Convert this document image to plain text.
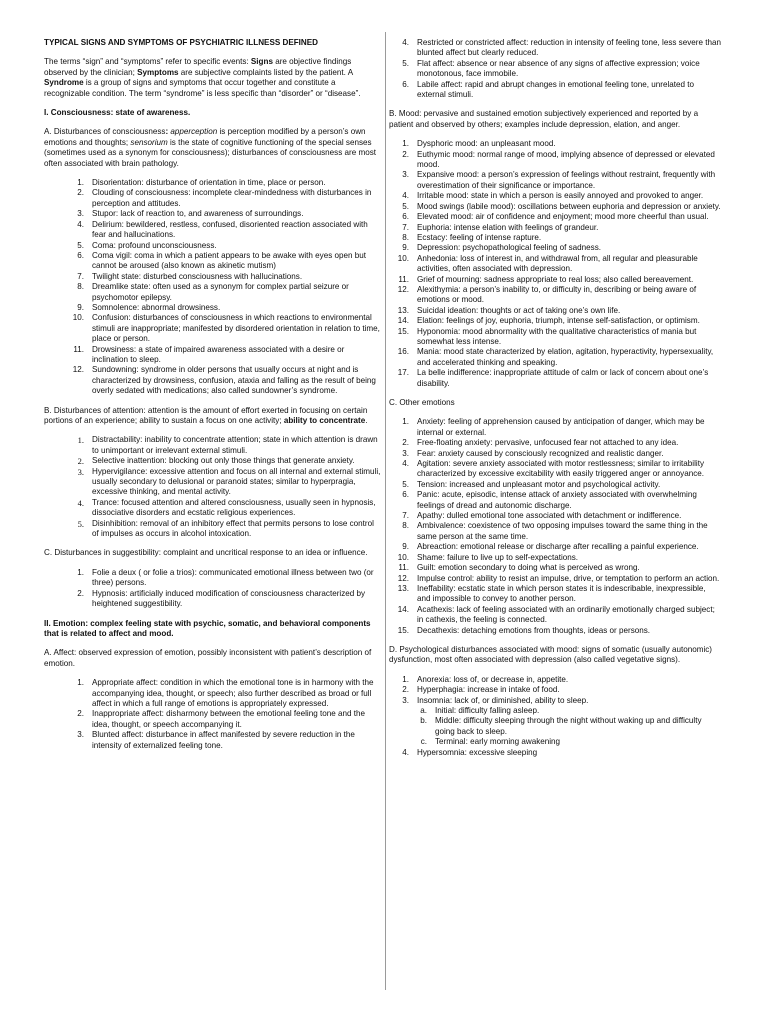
TYPICAL SIGNS AND SYMPTOMS OF PSYCHIATRIC ILLNESS DEFINED

The terms “sign” and “symptoms” refer to specific events: Signs are objective findings observed by the clinician; Symptoms are subjective complaints listed by the patient. A Syndrome is a group of signs and symptoms that occur together and constitute a recognizable condition. The term “syndrome” is less specific than “disorder” or “disease”.

I. Consciousness: state of awareness.

A. Disturbances of consciousness: apperception is perception modified by a person’s own emotions and thoughts; sensorium is the state of cognitive functioning of the special senses (sometimes used as a synonym for consciousness); disturbances of consciousness are most often associated with brain pathology.

1. Disorientation: disturbance of orientation in time, place or person.
2. Clouding of consciousness: incomplete clear-mindedness with disturbances in perception and attitudes.
3. Stupor: lack of reaction to, and awareness of surroundings.
4. Delirium: bewildered, restless, confused, disoriented reaction associated with fear and hallucinations.
5. Coma: profound unconsciousness.
6. Coma vigil: coma in which a patient appears to be awake with eyes open but cannot be aroused (also known as akinetic mutism)
7. Twilight state: disturbed consciousness with hallucinations.
8. Dreamlike state: often used as a synonym for complex partial seizure or psychomotor epilepsy.
9. Somnolence: abnormal drowsiness.
10. Confusion: disturbances of consciousness in which reactions to environmental stimuli are inappropriate; manifested by disordered orientation in relation to time, place or person.
11. Drowsiness: a state of impaired awareness associated with a desire or inclination to sleep.
12. Sundowning: syndrome in older persons that usually occurs at night and is characterized by drowsiness, confusion, ataxia and falling as the result of being overly sedated with medications; also called sundowner’s syndrome.

B. Disturbances of attention: attention is the amount of effort exerted in focusing on certain portions of an experience; ability to sustain a focus on one activity; ability to concentrate.

1. Distractability: inability to concentrate attention; state in which attention is drawn to unimportant or irrelevant external stimuli.
2. Selective inattention: blocking out only those things that generate anxiety.
3. Hypervigilance: excessive attention and focus on all internal and external stimuli, usually secondary to delusional or paranoid states; similar to hyperpragia, excessive thinking, and mental activity.
4. Trance: focused attention and altered consciousness, usually seen in hypnosis, dissociative disorders and ecstatic religious experiences.
5. Disinhibition: removal of an inhibitory effect that permits persons to lose control of impulses as occurs in alcohol intoxication.

C. Disturbances in suggestibility: complaint and uncritical response to an idea or influence.

1. Folie a deux ( or folie a trios): communicated emotional illness between two (or three) persons.
2. Hypnosis: artificially induced modification of consciousness characterized by heightened suggestibility.

II. Emotion: complex feeling state with psychic, somatic, and behavioral components that is related to affect and mood.

A. Affect: observed expression of emotion, possibly inconsistent with patient’s description of emotion.

1. Appropriate affect: condition in which the emotional tone is in harmony with the accompanying idea, thought, or speech; also further described as broad or full affect in which a full range of emotions is appropriately expressed.
2. Inappropriate affect: disharmony between the emotional feeling tone and the idea, thought, or speech accompanying it.
3. Blunted affect: disturbance in affect manifested by severe reduction in the intensity of externalized feeling tone.
4. Restricted or constricted affect: reduction in intensity of feeling tone, less severe than blunted affect but clearly reduced.
5. Flat affect: absence or near absence of any signs of affective expression; voice monotonous, face immobile.
6. Labile affect: rapid and abrupt changes in emotional feeling tone, unrelated to external stimuli.

B. Mood: pervasive and sustained emotion subjectively experienced and reported by a patient and observed by others; examples include depression, elation, and anger.

1. Dysphoric mood: an unpleasant mood.
2. Euthymic mood: normal range of mood, implying absence of depressed or elevated mood.
3. Expansive mood: a person’s expression of feelings without restraint, frequently with overestimation of their significance or importance.
4. Irritable mood: state in which a person is easily annoyed and provoked to anger.
5. Mood swings (labile mood): oscillations between euphoria and depression or anxiety.
6. Elevated mood: air of confidence and enjoyment; mood more cheerful than usual.
7. Euphoria: intense elation with feelings of grandeur.
8. Ecstacy: feeling of intense rapture.
9. Depression: psychopathological feeling of sadness.
10. Anhedonia: loss of interest in, and withdrawal from, all regular and pleasurable activities, often associated with depression.
11. Grief of mourning: sadness appropriate to real loss; also called bereavement.
12. Alexithymia: a person’s inability to, or difficulty in, describing or being aware of emotions or mood.
13. Suicidal ideation: thoughts or act of taking one’s own life.
14. Elation: feelings of joy, euphoria, triumph, intense self-satisfaction, or optimism.
15. Hyponomia: mood abnormality with the qualitative characteristics of mania but somewhat less intense.
16. Mania: mood state characterized by elation, agitation, hyperactivity, hypersexuality, and accelerated thinking and speaking.
17. La belle indifference: inappropriate attitude of calm or lack of concern about one’s disability.

C. Other emotions

1. Anxiety: feeling of apprehension caused by anticipation of danger, which may be internal or external.
2. Free-floating anxiety: pervasive, unfocused fear not attached to any idea.
3. Fear: anxiety caused by consciously recognized and realistic danger.
4. Agitation: severe anxiety associated with motor restlessness; similar to irritability characterized by excessive excitability with easily triggered anger or annoyance.
5. Tension: increased and unpleasant motor and psychological activity.
6. Panic: acute, episodic, intense attack of anxiety associated with overwhelming feelings of dread and autonomic discharge.
7. Apathy: dulled emotional tone associated with detachment or indifference.
8. Ambivalence: coexistence of two opposing impulses toward the same thing in the same person at the same time.
9. Abreaction: emotional release or discharge after recalling a painful experience.
10. Shame: failure to live up to self-expectations.
11. Guilt: emotion secondary to doing what is perceived as wrong.
12. Impulse control: ability to resist an impulse, drive, or temptation to perform an action.
13. Ineffability: ecstatic state in which person states it is indescribable, inexpressible, and impossible to convey to another person.
14. Acathexis: lack of feeling associated with an ordinarily emotionally charged subject; in cathexis, the feeling is connected.
15. Decathexis: detaching emotions from thoughts, ideas or persons.

D. Psychological disturbances associated with mood: signs of somatic (usually autonomic) dysfunction, most often associated with depression (also called vegetative signs).

1. Anorexia: loss of, or decrease in, appetite.
2. Hyperphagia: increase in intake of food.
3. Insomnia: lack of, or diminished, ability to sleep.
a. Initial: difficulty falling asleep.
b. Middle: difficulty sleeping through the night without waking up and difficulty going back to sleep.
c. Terminal: early morning awakening
4. Hypersomnia: excessive sleeping
